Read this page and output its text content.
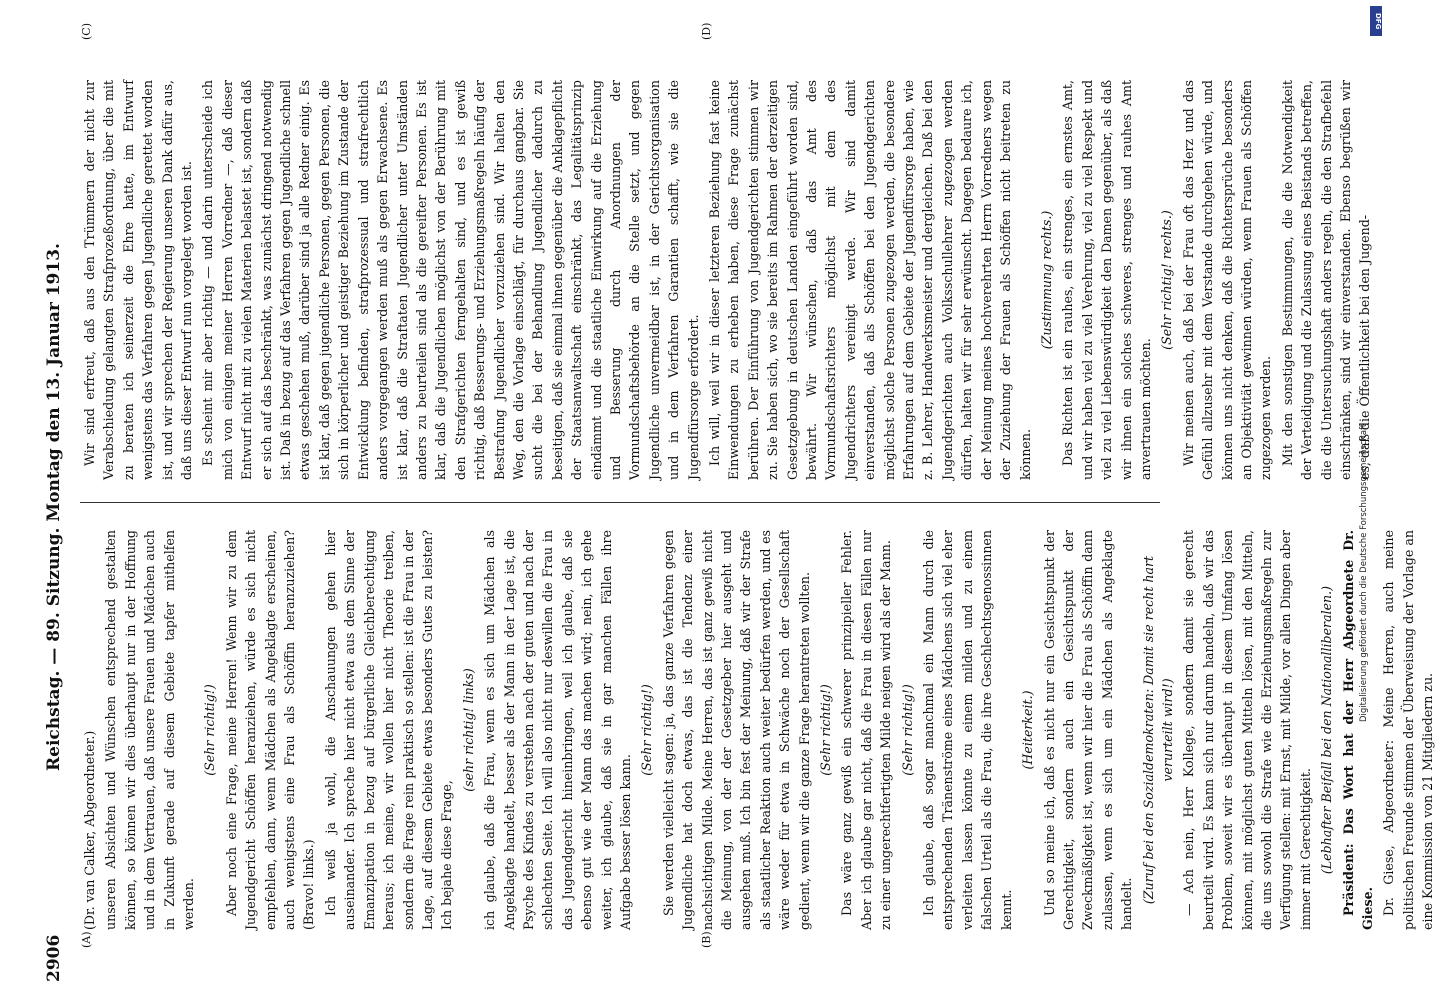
2906
Reichstag. — 89. Sitzung. Montag den 13. Januar 1913.
(A)	(B)
(C)	(D)

(Dr. van Calker, Abgeordneter.) unseren Absichten und Wünschen entsprechend gestalten können, so können wir dies überhaupt nur in der Hoffnung und in dem Vertrauen, daß unsere Frauen und Mädchen auch in Zukunft gerade auf diesem Gebiete tapfer mithelfen werden.

(Sehr richtig!) Aber noch eine Frage, meine Herren! Wenn wir zu dem Jugendgericht Schöffen heranziehen, würde es sich nicht empfehlen, dann, wenn Mädchen als Angeklagte erscheinen, auch wenigstens eine Frau als Schöffin heranzuziehen? (Bravo! links.) Ich weiß ja wohl, die Anschauungen gehen hier auseinander. Ich spreche hier nicht etwa aus dem Sinne der Emanzipation in bezug auf bürgerliche Gleichberechtigung heraus; ich meine, wir wollen hier nicht Theorie treiben, sondern die Frage rein praktisch so stellen: ist die Frau in der Lage, auf diesem Gebiete etwas besonders Gutes zu leisten? Ich bejahe diese Frage,

(sehr richtig! links) ich glaube, daß die Frau, wenn es sich um Mädchen als Angeklagte handelt, besser als der Mann in der Lage ist, die Psyche des Kindes zu verstehen nach der guten und nach der schlechten Seite. Ich will also nicht nur deswillen die Frau in das Jugendgericht hineinbringen, weil ich glaube, daß sie ebenso gut wie der Mann das machen wird; nein, ich gehe weiter, ich glaube, daß sie in gar manchen Fällen ihre Aufgabe besser lösen kann.

(Sehr richtig!) Sie werden vielleicht sagen: ja, das ganze Verfahren gegen Jugendliche hat doch etwas, das ist die Tendenz einer nachsichtigen Milde. Meine Herren, das ist ganz gewiß nicht die Meinung, von der der Gesetzgeber hier ausgeht und ausgehen muß. Ich bin fest der Meinung, daß wir der Strafe als staatlicher Reaktion auch weiter bedürfen werden, und es wäre weder für etwa in Schwäche noch der Gesellschaft gedient, wenn wir die ganze Frage herantreten wollten. (Sehr richtig!) Das wäre ganz gewiß ein schwerer prinzipieller Fehler. Aber ich glaube gar nicht, daß die Frau in diesen Fällen nur zu einer ungerechtfertigten Milde neigen wird als der Mann. (Sehr richtig!) Ich glaube, daß sogar manchmal ein Mann durch die entsprechenden Tränenströme eines Mädchens sich viel eher verleiten lassen könnte zu einem milden und zu einem falschen Urteil als die Frau, die ihre Geschlechtsgenossinnen kennt.

(Heiterkeit.) Und so meine ich, daß es nicht nur ein Gesichtspunkt der Gerechtigkeit, sondern auch ein Gesichtspunkt der Zweckmäßigkeit ist, wenn wir hier die Frau als Schöffin dann zulassen, wenn es sich um ein Mädchen als Angeklagte handelt. (Zuruf bei den Sozialdemokraten: Damit sie recht hart verurteilt wird!) — Ach nein, Herr Kollege, sondern damit sie gerecht beurteilt wird. Es kann sich nur darum handeln, daß wir das Problem, soweit wir es überhaupt in diesem Umfang lösen können, mit möglichst guten Mitteln lösen, mit den Mitteln, die uns sowohl die Strafe wie die Erziehungsmaßregeln zur Verfügung stellen: mit Ernst, mit Milde, vor allen Dingen aber immer mit Gerechtigkeit. (Lebhafter Beifall bei den Nationalliberalen.) Präsident: Das Wort hat der Herr Abgeordnete Dr. Giese. Dr. Giese, Abgeordneter: Meine Herren, auch meine politischen Freunde stimmen der Überweisung der Vorlage an eine Kommission von 21 Mitgliedern zu.

Wir sind erfreut, daß aus den Trümmern der nicht zur Verabschiedung gelangten Strafprozeßordnung, über die mit zu beraten ich seinerzeit die Ehre hatte, im Entwurf wenigstens das Verfahren gegen Jugendliche gerettet worden ist, und wir sprechen der Regierung unseren Dank dafür aus, daß uns dieser Entwurf nun vorgelegt worden ist. Es scheint mir aber richtig — und darin unterscheide ich mich von einigen meiner Herren Vorredner —, daß dieser Entwurf nicht mit zu vielen Materien belastet ist, sondern daß er sich auf das beschränkt, was zunächst dringend notwendig ist. Daß in bezug auf das Verfahren gegen Jugendliche schnell etwas geschehen muß, darüber sind ja alle Redner einig. Es ist klar, daß gegen jugendliche Personen, gegen Personen, die sich in körperlicher und geistiger Beziehung im Zustande der Entwicklung befinden, strafprozessual und strafrechtlich anders vorgegangen werden muß als gegen Erwachsene. Es ist klar, daß die Straftaten Jugendlicher unter Umständen anders zu beurteilen sind als die gereifter Personen. Es ist klar, daß die Jugendlichen möglichst von der Berührung mit den Strafgerichten ferngehalten sind, und es ist gewiß richtig, daß Besserungs- und Erziehungsmaßregeln häufig der Bestrafung Jugendlicher vorzuziehen sind. Wir halten den Weg, den die Vorlage einschlägt, für durchaus gangbar. Sie sucht die bei der Behandlung Jugendlicher dadurch zu beseitigen, daß sie einmal ihnen gegenüber die Anklagepflicht der Staatsanwaltschaft einschränkt, das Legalitätsprinzip eindämmt und die staatliche Einwirkung auf die Erziehung und Besserung durch Anordnungen der Vormundschaftsbehörde an die Stelle setzt, und gegen Jugendliche unvermeidbar ist, in der Gerichtsorganisation und in dem Verfahren Garantien schafft, wie sie die Jugendfürsorge erfordert. Ich will, weil wir in dieser letzteren Beziehung fast keine Einwendungen zu erheben haben, diese Frage zunächst berühren. Der Einführung von Jugendgerichten stimmen wir zu. Sie haben sich, wo sie bereits im Rahmen der derzeitigen Gesetzgebung in deutschen Landen eingeführt worden sind, bewährt. Wir wünschen, daß das Amt des Vormundschaftsrichters möglichst mit dem des Jugendrichters vereinigt werde. Wir sind damit einverstanden, daß als Schöffen bei den Jugendgerichten möglichst solche Personen zugezogen werden, die besondere Erfahrungen auf dem Gebiete der Jugendfürsorge haben, wie z. B. Lehrer, Handwerksmeister und dergleichen. Daß bei den Jugendgerichten auch Volksschullehrer zugezogen werden dürfen, halten wir für sehr erwünscht. Dagegen bedaure ich, der Meinung meines hochverehrten Herrn Vorredners wegen der Zuziehung der Frauen als Schöffen nicht beitreten zu können.

(Zustimmung rechts.) Das Richten ist ein rauhes, ein strenges, ein ernstes Amt, und wir haben viel zu viel Verehrung, viel zu viel Respekt und viel zu viel Liebenswürdigkeit den Damen gegenüber, als daß wir ihnen ein solches schweres, strenges und rauhes Amt anvertrauen möchten.

(Sehr richtig! rechts.) Wir meinen auch, daß bei der Frau oft das Herz und das Gefühl allzusehr mit dem Verstande durchgehen würde, und können uns nicht denken, daß die Richtersprüche besonders an Objektivität gewinnen würden, wenn Frauen als Schöffen zugezogen werden. Mit den sonstigen Bestimmungen, die die Notwendigkeit der Verteidigung und die Zulassung eines Beistands betreffen, die die Untersuchungshaft anders regeln, die den Strafbefehl einschränken, sind wir einverstanden. Ebenso begrüßen wir es, daß die Öffentlichkeit bei den Jugend-

Digitalisierung gefördert durch die Deutsche Forschungsgemeinschaft
DFG
